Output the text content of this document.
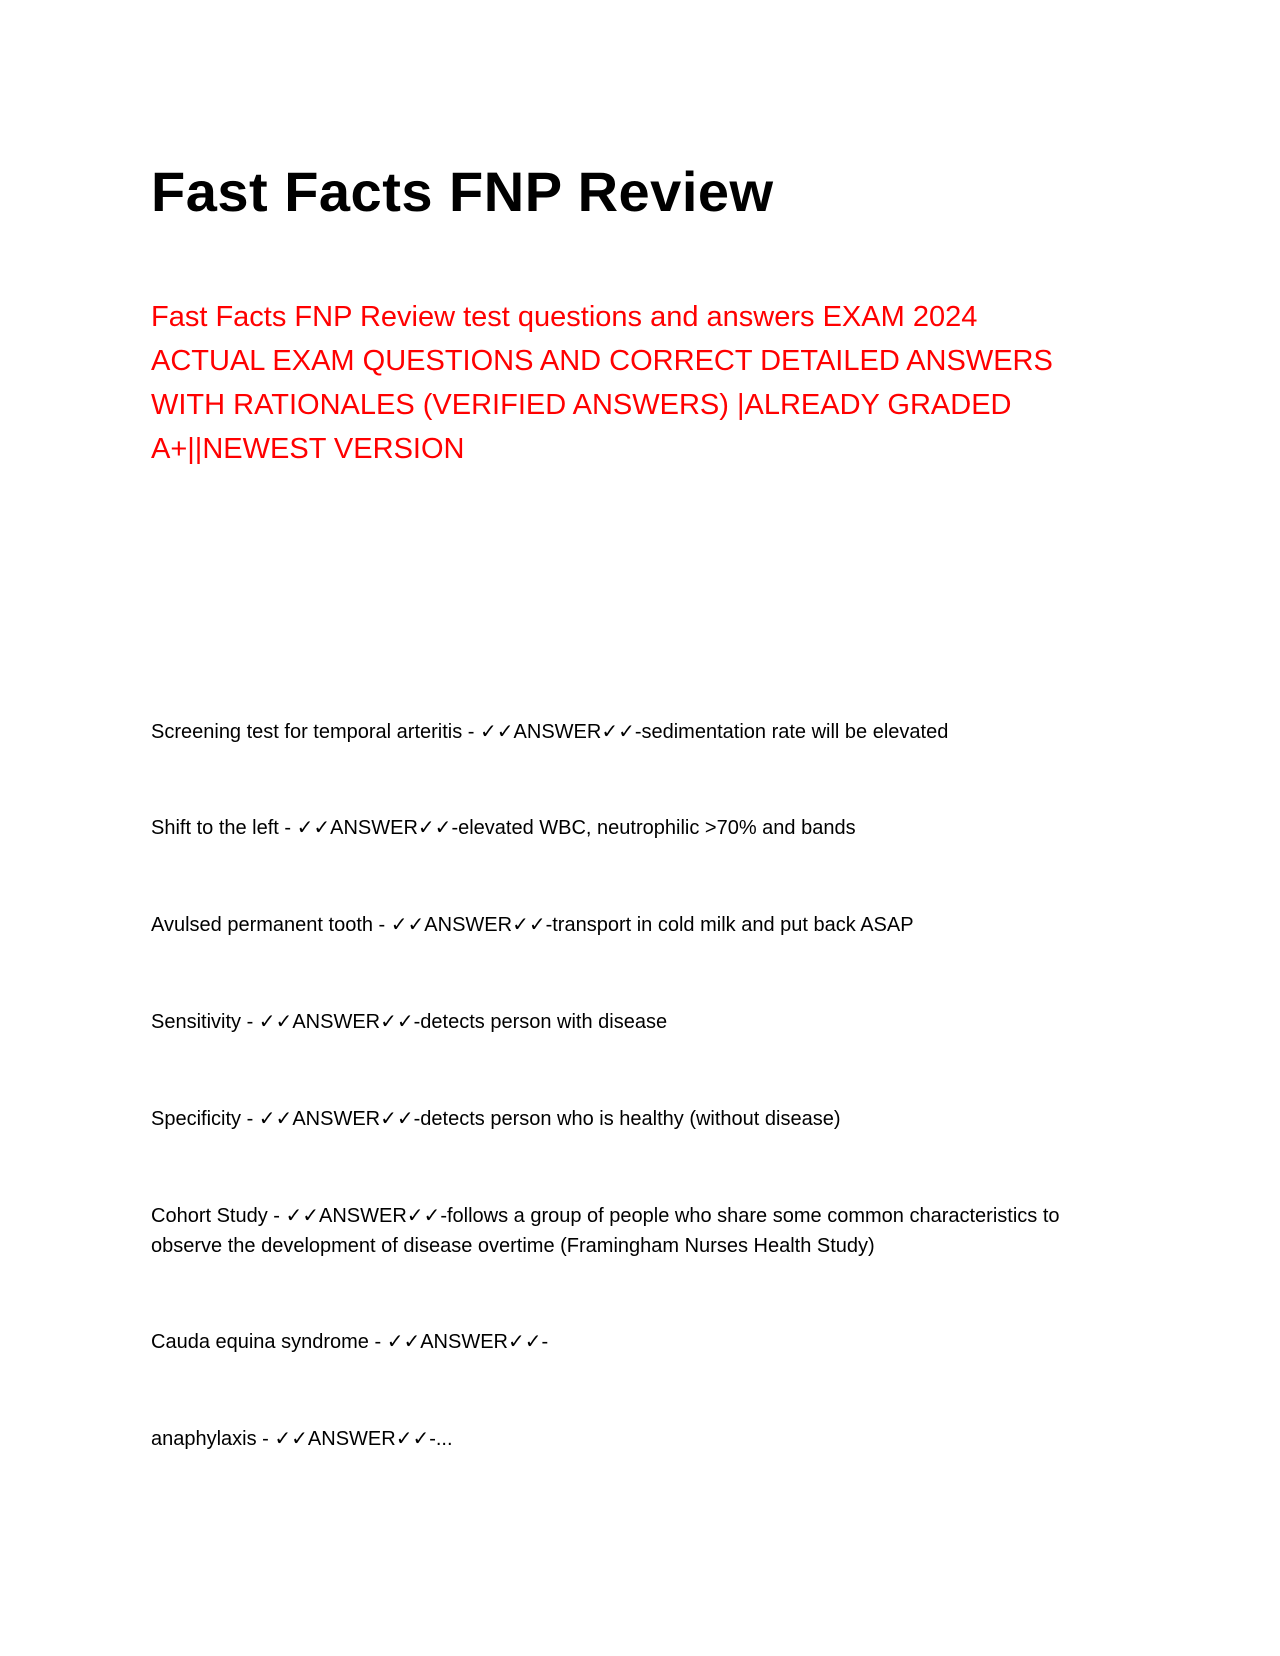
Fast Facts FNP Review

Fast Facts FNP Review test questions and answers EXAM 2024
ACTUAL EXAM QUESTIONS AND CORRECT DETAILED ANSWERS
WITH RATIONALES (VERIFIED ANSWERS) |ALREADY GRADED
A+||NEWEST VERSION

Screening test for temporal arteritis - ✓✓ANSWER✓✓-sedimentation rate will be elevated

Shift to the left - ✓✓ANSWER✓✓-elevated WBC, neutrophilic >70% and bands

Avulsed permanent tooth - ✓✓ANSWER✓✓-transport in cold milk and put back ASAP

Sensitivity - ✓✓ANSWER✓✓-detects person with disease

Specificity - ✓✓ANSWER✓✓-detects person who is healthy (without disease)

Cohort Study - ✓✓ANSWER✓✓-follows a group of people who share some common characteristics to
observe the development of disease overtime (Framingham Nurses Health Study)

Cauda equina syndrome - ✓✓ANSWER✓✓-

anaphylaxis - ✓✓ANSWER✓✓-...
